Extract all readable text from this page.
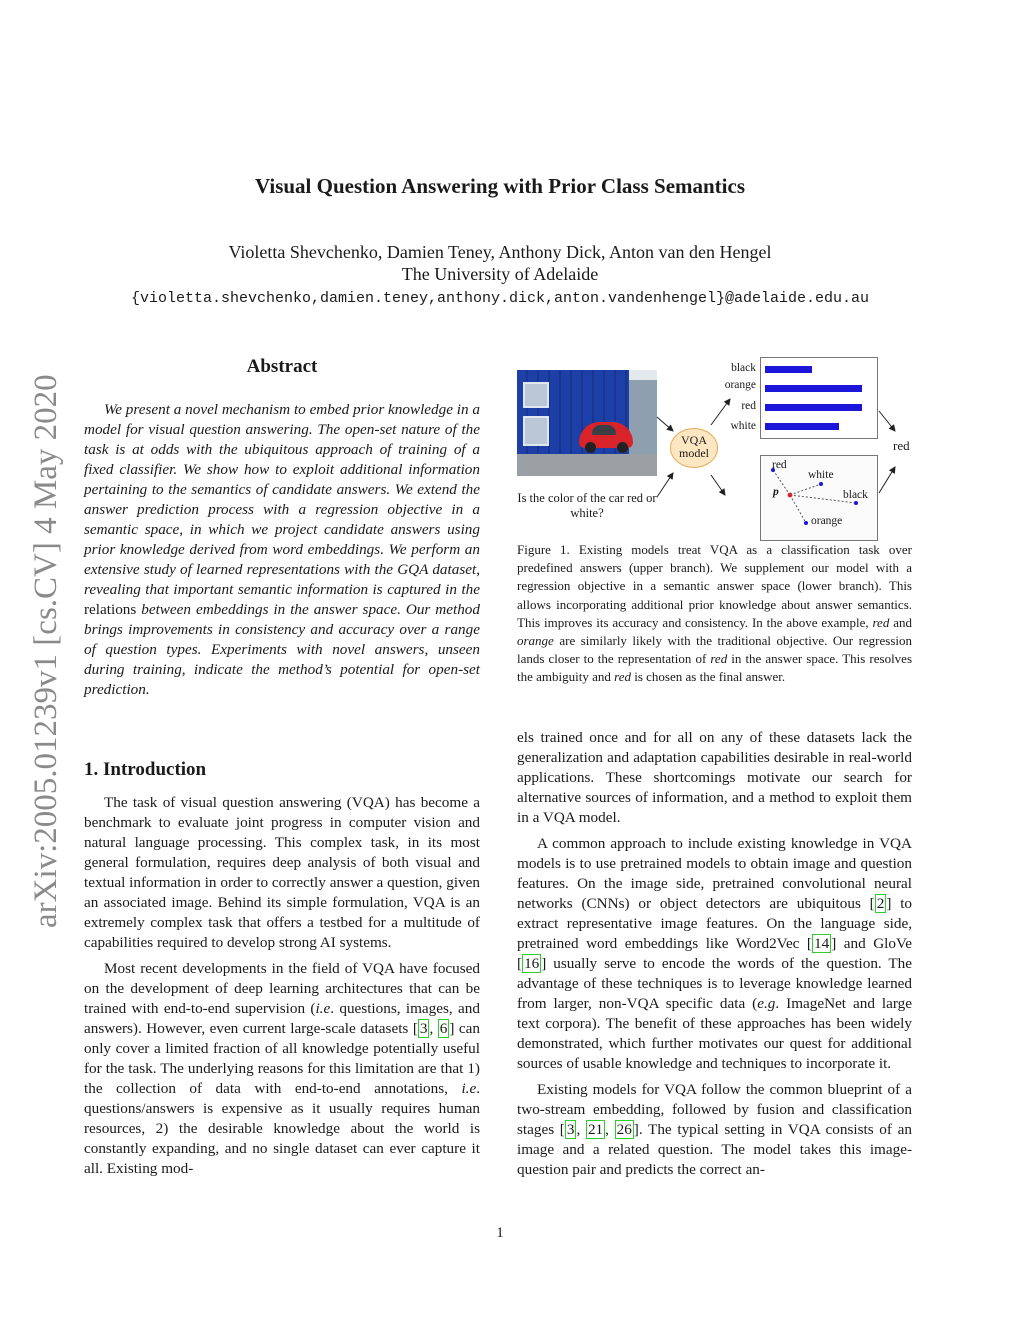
Visual Question Answering with Prior Class Semantics
Violetta Shevchenko, Damien Teney, Anthony Dick, Anton van den Hengel
The University of Adelaide
{violetta.shevchenko,damien.teney,anthony.dick,anton.vandenhengel}@adelaide.edu.au
arXiv:2005.01239v1 [cs.CV] 4 May 2020
Abstract
We present a novel mechanism to embed prior knowledge in a model for visual question answering. The open-set nature of the task is at odds with the ubiquitous approach of training of a fixed classifier. We show how to exploit additional information pertaining to the semantics of candidate answers. We extend the answer prediction process with a regression objective in a semantic space, in which we project candidate answers using prior knowledge derived from word embeddings. We perform an extensive study of learned representations with the GQA dataset, revealing that important semantic information is captured in the relations between embeddings in the answer space. Our method brings improvements in consistency and accuracy over a range of question types. Experiments with novel answers, unseen during training, indicate the method’s potential for open-set prediction.
1. Introduction

The task of visual question answering (VQA) has become a benchmark to evaluate joint progress in computer vision and natural language processing. This complex task, in its most general formulation, requires deep analysis of both visual and textual information in order to correctly answer a question, given an associated image. Behind its simple formulation, VQA is an extremely complex task that offers a testbed for a multitude of capabilities required to develop strong AI systems.

Most recent developments in the field of VQA have focused on the development of deep learning architectures that can be trained with end-to-end supervision (i.e. questions, images, and answers). However, even current large-scale datasets [ 3 , 6 ] can only cover a limited fraction of all knowledge potentially useful for the task. The underlying reasons for this limitation are that 1) the collection of data with end-to-end annotations, i.e. questions/answers is expensive as it usually requires human resources, 2) the desirable knowledge about the world is constantly expanding, and no single dataset can ever capture it all. Existing mod-

Is the color of the car red or white?
VQA model
black
orange
red
white
red
white
p	black
orange
red
Figure 1. Existing models treat VQA as a classification task over predefined answers (upper branch). We supplement our model with a regression objective in a semantic answer space (lower branch). This allows incorporating additional prior knowledge about answer semantics. This improves its accuracy and consistency. In the above example, red and orange are similarly likely with the traditional objective. Our regression lands closer to the representation of red in the answer space. This resolves the ambiguity and red is chosen as the final answer.

els trained once and for all on any of these datasets lack the generalization and adaptation capabilities desirable in real-world applications. These shortcomings motivate our search for alternative sources of information, and a method to exploit them in a VQA model.

A common approach to include existing knowledge in VQA models is to use pretrained models to obtain image and question features. On the image side, pretrained convolutional neural networks (CNNs) or object detectors are ubiquitous [ 2 ] to extract representative image features. On the language side, pretrained word embeddings like Word2Vec [ 14 ] and GloVe [ 16 ] usually serve to encode the words of the question. The advantage of these techniques is to leverage knowledge learned from larger, non-VQA specific data (e.g. ImageNet and large text corpora). The benefit of these approaches has been widely demonstrated, which further motivates our quest for additional sources of usable knowledge and techniques to incorporate it.

Existing models for VQA follow the common blueprint of a two-stream embedding, followed by fusion and classification stages [ 3 , 21 , 26 ]. The typical setting in VQA consists of an image and a related question. The model takes this image-question pair and predicts the correct an-

1
